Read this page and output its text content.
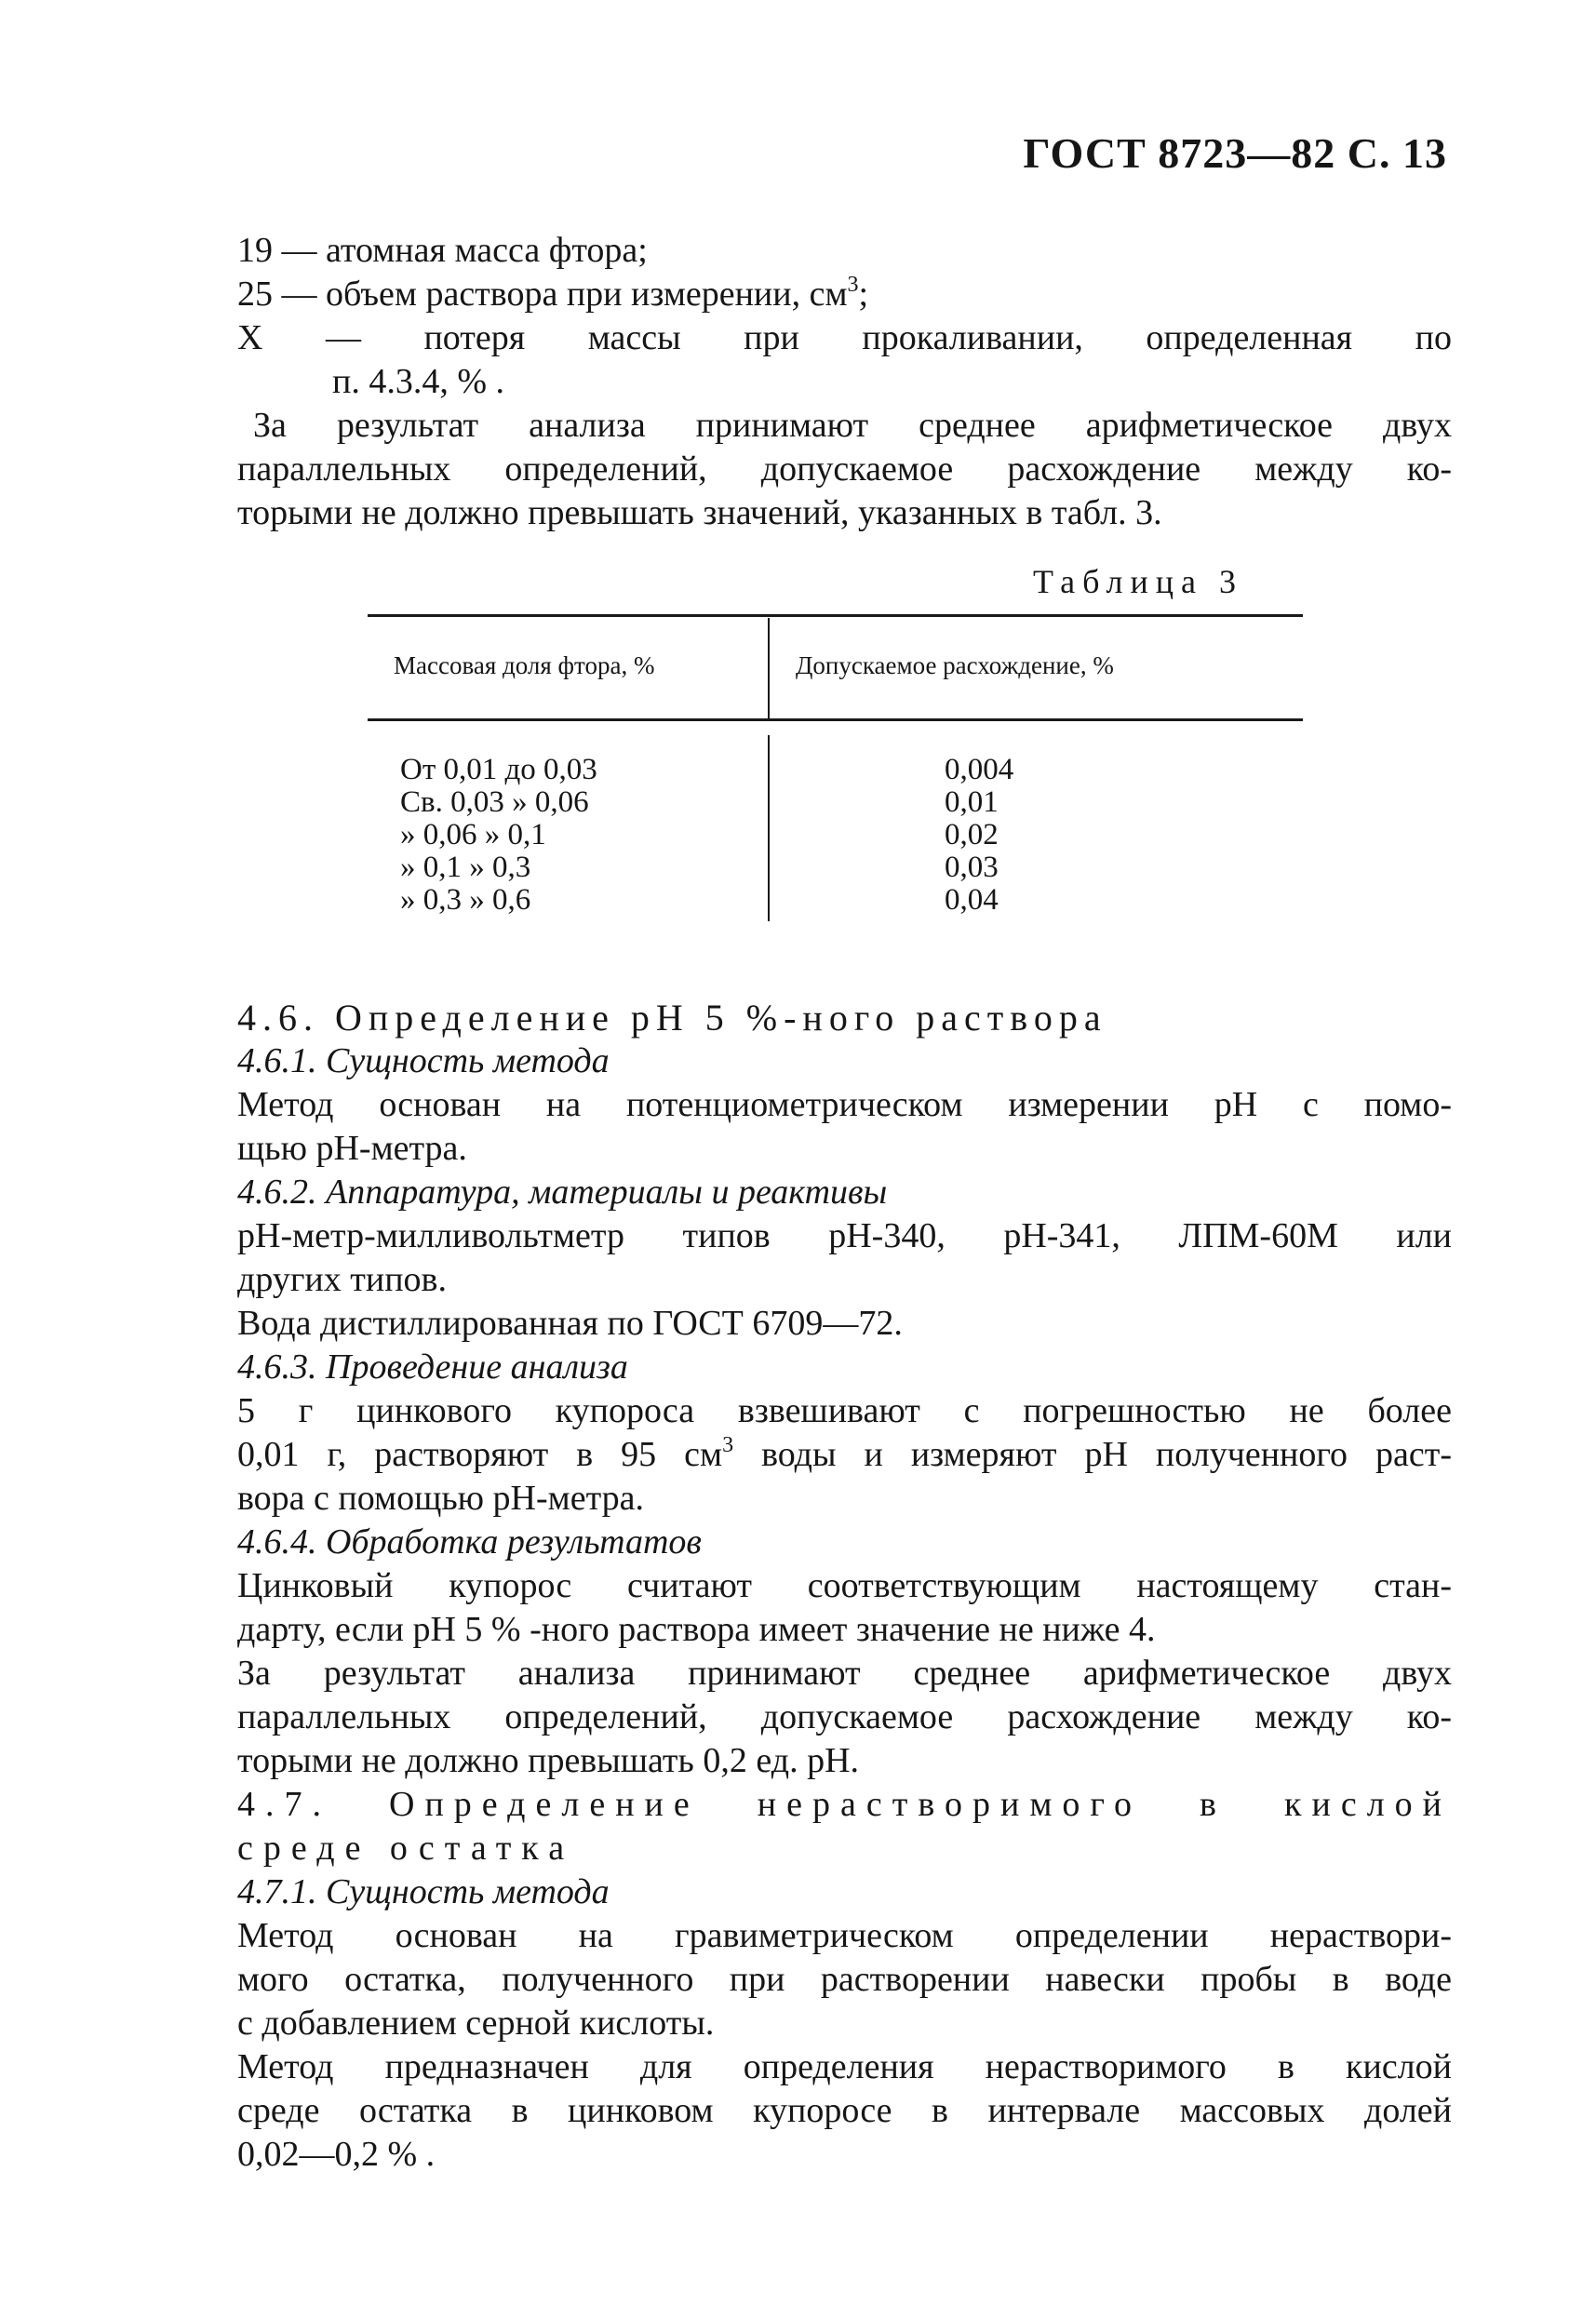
ГОСТ 8723—82 С. 13
19 — атомная масса фтора;
25 — объем раствора при измерении, $см^3$;
X — потеря массы при прокаливании, определенная по
п. 4.3.4, % .
За результат анализа принимают среднее арифметическое двух
параллельных определений, допускаемое расхождение между ко-
торыми не должно превышать значений, указанных в табл. 3.
Таблица 3
Массовая доля фтора, %	Допускаемое расхождение, %
От 0,01 до 0,03
Св. 0,03 » 0,06
» 0,06 » 0,1
» 0,1 » 0,3
» 0,3 » 0,6
0,004
0,01
0,02
0,03
0,04
4.6. Определение рН 5 %-ного раствора
4.6.1. Сущность метода
Метод основан на потенциометрическом измерении рН с помо-
щью рН-метра.
4.6.2. Аппаратура, материалы и реактивы
рН-метр-милливольтметр типов рН-340, рН-341, ЛПМ-60М или
других типов.
Вода дистиллированная по ГОСТ 6709—72.
4.6.3. Проведение анализа
5 г цинкового купороса взвешивают с погрешностью не более
0,01 г, растворяют в 95 $см^3$ воды и измеряют рН полученного раст-
вора с помощью рН-метра.
4.6.4. Обработка результатов
Цинковый купорос считают соответствующим настоящему стан-
дарту, если рН 5 % -ного раствора имеет значение не ниже 4.
За результат анализа принимают среднее арифметическое двух
параллельных определений, допускаемое расхождение между ко-
торыми не должно превышать 0,2 ед. рН.
4.7. Определение нерастворимого в кислой
среде остатка
4.7.1. Сущность метода
Метод основан на гравиметрическом определении нераствори-
мого остатка, полученного при растворении навески пробы в воде
с добавлением серной кислоты.
Метод предназначен для определения нерастворимого в кислой
среде остатка в цинковом купоросе в интервале массовых долей
0,02—0,2 % .
